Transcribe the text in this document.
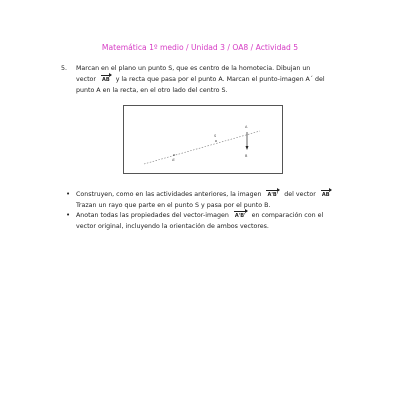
Matemática 1º medio / Unidad 3 / OA8 / Actividad 5
5. Marcan en el plano un punto S, que es centro de la homotecia. Dibujan un
vector AB y la recta que pasa por el punto A. Marcan el punto-imagen A´ del
punto A en la recta, en el otro lado del centro S.
A'
S
A
B
• Construyen, como en las actividades anteriores, la imagen A'B' del vector AB
Trazan un rayo que parte en el punto S y pasa por el punto B.
• Anotan todas las propiedades del vector-imagen A'B' en comparación con el
vector original, incluyendo la orientación de ambos vectores.
